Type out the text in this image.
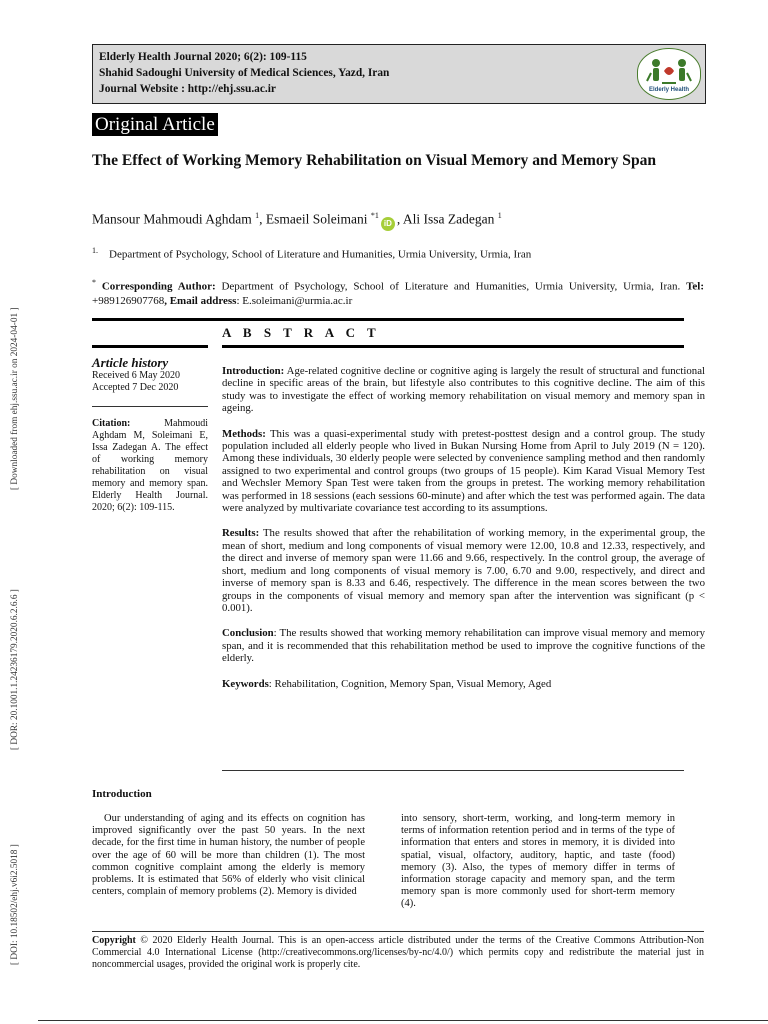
Elderly Health Journal 2020; 6(2): 109-115
Shahid Sadoughi University of Medical Sciences, Yazd, Iran
Journal Website : http://ehj.ssu.ac.ir	Elderly Health
Original Article
The Effect of Working Memory Rehabilitation on Visual Memory and Memory Span
Mansour Mahmoudi Aghdam $^1$, Esmaeil Soleimani $^{*1}$iD , Ali Issa Zadegan $^1$
$^{1.}$ Department of Psychology, School of Literature and Humanities, Urmia University, Urmia, Iran
* Corresponding Author: Department of Psychology, School of Literature and Humanities, Urmia University, Urmia, Iran. Tel: +989126907768, Email address: E.soleimani@urmia.ac.ir
A B S T R A C T
Article history
Received 6 May 2020
Accepted 7 Dec 2020
Citation: Mahmoudi Aghdam M, Soleimani E, Issa Zadegan A. The effect of working memory rehabilitation on visual memory and memory span. Elderly Health Journal. 2020; 6(2): 109-115.

Introduction: Age-related cognitive decline or cognitive aging is largely the result of structural and functional decline in specific areas of the brain, but lifestyle also contributes to this cognitive decline. The aim of this study was to investigate the effect of working memory rehabilitation on visual memory and memory span in ageing.

Methods: This was a quasi-experimental study with pretest-posttest design and a control group. The study population included all elderly people who lived in Bukan Nursing Home from April to July 2019 (N = 120). Among these individuals, 30 elderly people were selected by convenience sampling method and then randomly assigned to two experimental and control groups (two groups of 15 people). Kim Karad Visual Memory Test and Wechsler Memory Span Test were taken from the groups in pretest. The working memory rehabilitation was performed in 18 sessions (each sessions 60-minute) and after which the test was performed again. The data were analyzed by multivariate covariance test according to its assumptions.

Results: The results showed that after the rehabilitation of working memory, in the experimental group, the mean of short, medium and long components of visual memory were 12.00, 10.8 and 12.33, respectively, and the direct and inverse of memory span were 11.66 and 9.66, respectively. In the control group, the average of short, medium and long components of visual memory is 7.00, 6.70 and 9.00, respectively, and direct and inverse of memory span is 8.33 and 6.46, respectively. The difference in the mean scores between the two groups in the components of visual memory and memory span after the intervention was significant (p < 0.001).

Conclusion: The results showed that working memory rehabilitation can improve visual memory and memory span, and it is recommended that this rehabilitation method be used to improve the cognitive functions of the elderly.

Keywords: Rehabilitation, Cognition, Memory Span, Visual Memory, Aged

Introduction
Our understanding of aging and its effects on cognition has improved significantly over the past 50 years. In the next decade, for the first time in human history, the number of people over the age of 60 will be more than children (1). The most common cognitive complaint among the elderly is memory problems. It is estimated that 56% of elderly who visit clinical centers, complain of memory problems (2). Memory is divided
into sensory, short-term, working, and long-term memory in terms of information retention period and in terms of the type of information that enters and stores in memory, it is divided into spatial, visual, olfactory, auditory, haptic, and taste (food) memory (3). Also, the types of memory differ in terms of information storage capacity and memory span, and the term memory span is more commonly used for short-term memory (4).
Copyright © 2020 Elderly Health Journal. This is an open-access article distributed under the terms of the Creative Commons Attribution-Non Commercial 4.0 International License (http://creativecommons.org/licenses/by-nc/4.0/) which permits copy and redistribute the material just in noncommercial usages, provided the original work is properly cite.
[ Downloaded from ehj.ssu.ac.ir on 2024-04-01 ]
[ DOR: 20.1001.1.24236179.2020.6.2.6.6 ]
[ DOI: 10.18502/ehj.v6i2.5018 ]
